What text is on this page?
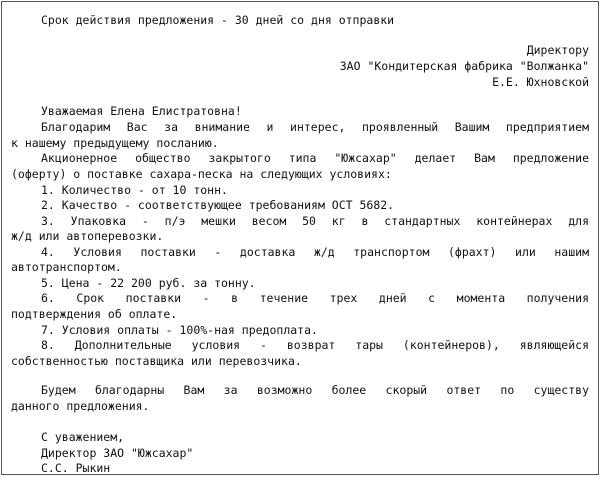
Срок действия предложения - 30 дней со дня отправки
Директору
ЗАО "Кондитерская фабрика "Волжанка"
Е.Е. Юхновской
Уважаемая Елена Елистратовна!
Благодарим Вас за внимание и интерес, проявленный Вашим предприятием
к нашему предыдущему посланию.
Акционерное общество закрытого типа "Южсахар" делает Вам предложение
(оферту) о поставке сахара-песка на следующих условиях:
1. Количество - от 10 тонн.
2. Качество - соответствующее требованиям ОСТ 5682.
3. Упаковка - п/э мешки весом 50 кг в стандартных контейнерах для
ж/д или автоперевозки.
4. Условия поставки - доставка ж/д транспортом (фрахт) или нашим
автотранспортом.
5. Цена - 22 200 руб. за тонну.
6. Срок поставки - в течение трех дней с момента получения
подтверждения об оплате.
7. Условия оплаты - 100%-ная предоплата.
8. Дополнительные условия - возврат тары (контейнеров), являющейся
собственностью поставщика или перевозчика.
Будем благодарны Вам за возможно более скорый ответ по существу
данного предложения.
С уважением,
Директор ЗАО "Южсахар"
С.С. Рыкин
